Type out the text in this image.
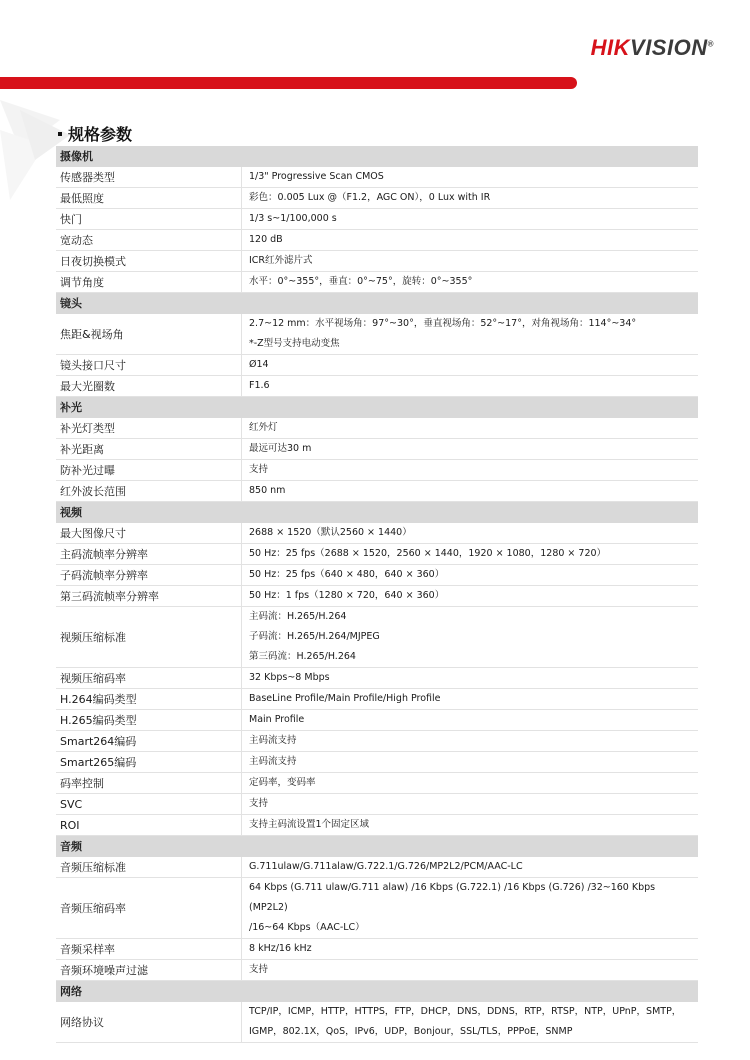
HIKVISION®
规格参数
摄像机	
传感器类型	1/3" Progressive Scan CMOS

最低照度	彩色：0.005 Lux @（F1.2，AGC ON），0 Lux with IR

快门	1/3 s~1/100,000 s

宽动态	120 dB

日夜切换模式	ICR红外滤片式

调节角度	水平：0°~355°，垂直：0°~75°，旋转：0°~355°

镜头	
焦距&视场角	2.7~12 mm：水平视场角：97°~30°，垂直视场角：52°~17°，对角视场角：114°~34°
*-Z型号支持电动变焦

镜头接口尺寸	Ø14

最大光圈数	F1.6

补光	
补光灯类型	红外灯

补光距离	最远可达30 m

防补光过曝	支持

红外波长范围	850 nm

视频	
最大图像尺寸	2688 × 1520（默认2560 × 1440）

主码流帧率分辨率	50 Hz：25 fps（2688 × 1520，2560 × 1440，1920 × 1080，1280 × 720）

子码流帧率分辨率	50 Hz：25 fps（640 × 480，640 × 360）

第三码流帧率分辨率	50 Hz：1 fps（1280 × 720，640 × 360）

视频压缩标准	主码流：H.265/H.264
子码流：H.265/H.264/MJPEG
第三码流：H.265/H.264

视频压缩码率	32 Kbps~8 Mbps

H.264编码类型	BaseLine Profile/Main Profile/High Profile

H.265编码类型	Main Profile

Smart264编码	主码流支持

Smart265编码	主码流支持

码率控制	定码率，变码率

SVC	支持

ROI	支持主码流设置1个固定区域

音频	
音频压缩标准	G.711ulaw/G.711alaw/G.722.1/G.726/MP2L2/PCM/AAC-LC

音频压缩码率	64 Kbps (G.711 ulaw/G.711 alaw) /16 Kbps (G.722.1) /16 Kbps (G.726) /32~160 Kbps (MP2L2)
/16~64 Kbps（AAC-LC）

音频采样率	8 kHz/16 kHz

音频环境噪声过滤	支持

网络	
网络协议	TCP/IP，ICMP，HTTP，HTTPS，FTP，DHCP，DNS，DDNS，RTP，RTSP，NTP，UPnP，SMTP，
IGMP，802.1X，QoS，IPv6，UDP，Bonjour，SSL/TLS，PPPoE，SNMP
